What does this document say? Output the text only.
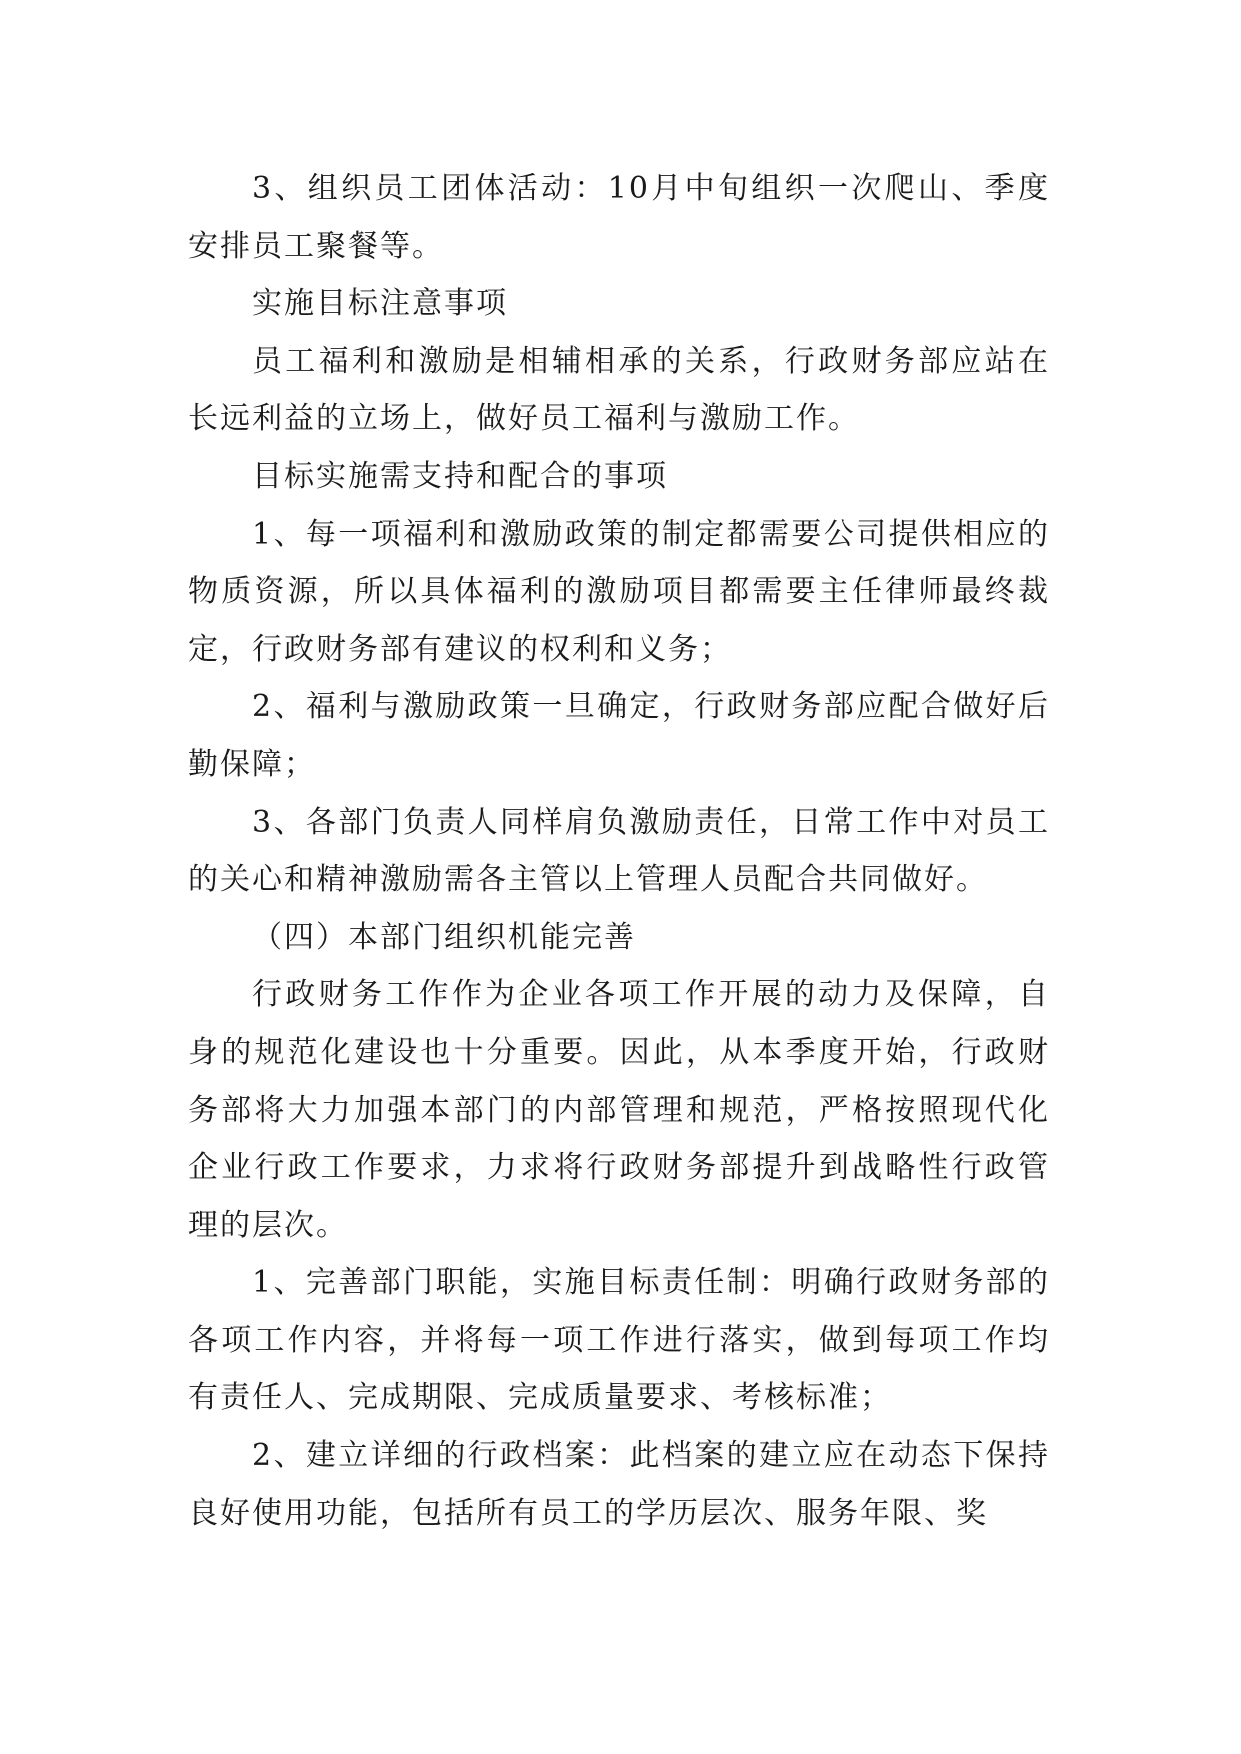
3、组织员工团体活动：10月中旬组织一次爬山、季度安排员工聚餐等。

实施目标注意事项

员工福利和激励是相辅相承的关系，行政财务部应站在长远利益的立场上，做好员工福利与激励工作。

目标实施需支持和配合的事项

1、每一项福利和激励政策的制定都需要公司提供相应的物质资源，所以具体福利的激励项目都需要主任律师最终裁定，行政财务部有建议的权利和义务；

2、福利与激励政策一旦确定，行政财务部应配合做好后勤保障；

3、各部门负责人同样肩负激励责任，日常工作中对员工的关心和精神激励需各主管以上管理人员配合共同做好。

（四）本部门组织机能完善

行政财务工作作为企业各项工作开展的动力及保障，自身的规范化建设也十分重要。因此，从本季度开始，行政财务部将大力加强本部门的内部管理和规范，严格按照现代化企业行政工作要求，力求将行政财务部提升到战略性行政管理的层次。

1、完善部门职能，实施目标责任制：明确行政财务部的各项工作内容，并将每一项工作进行落实，做到每项工作均有责任人、完成期限、完成质量要求、考核标准；

2、建立详细的行政档案：此档案的建立应在动态下保持良好使用功能，包括所有员工的学历层次、服务年限、奖
